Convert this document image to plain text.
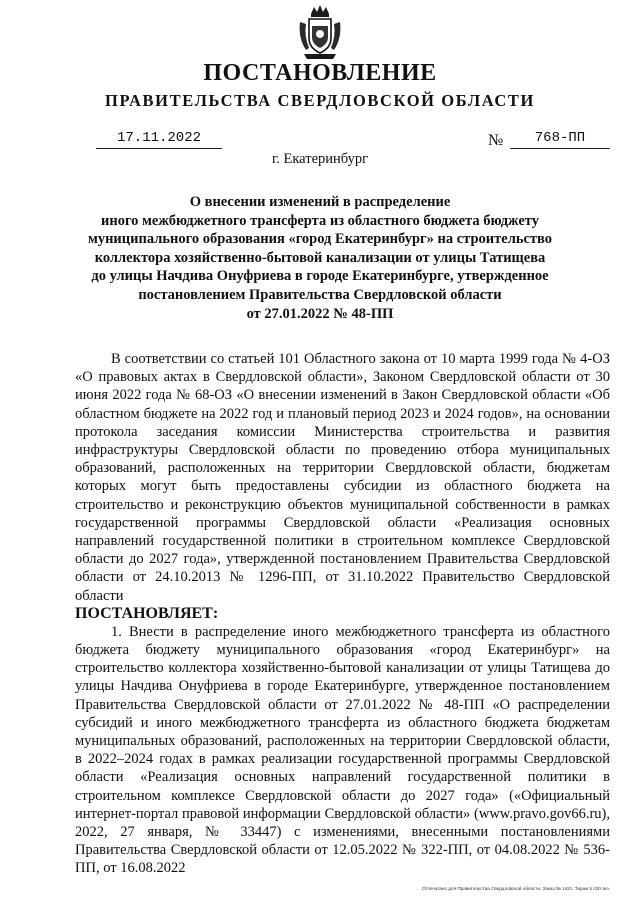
ПОСТАНОВЛЕНИЕ
ПРАВИТЕЛЬСТВА СВЕРДЛОВСКОЙ ОБЛАСТИ
17.11.2022	№	768-ПП
г. Екатеринбург
О внесении изменений в распределение
иного межбюджетного трансферта из областного бюджета бюджету
муниципального образования «город Екатеринбург» на строительство
коллектора хозяйственно-бытовой канализации от улицы Татищева
до улицы Начдива Онуфриева в городе Екатеринбурге, утвержденное
постановлением Правительства Свердловской области
от 27.01.2022 № 48-ПП

В соответствии со статьей 101 Областного закона от 10 марта 1999 года № 4-ОЗ «О правовых актах в Свердловской области», Законом Свердловской области от 30 июня 2022 года № 68-ОЗ «О внесении изменений в Закон Свердловской области «Об областном бюджете на 2022 год и плановый период 2023 и 2024 годов», на основании протокола заседания комиссии Министерства строительства и развития инфраструктуры Свердловской области по проведению отбора муниципальных образований, расположенных на территории Свердловской области, бюджетам которых могут быть предоставлены субсидии из областного бюджета на строительство и реконструкцию объектов муниципальной собственности в рамках государственной программы Свердловской области «Реализация основных направлений государственной политики в строительном комплексе Свердловской области до 2027 года», утвержденной постановлением Правительства Свердловской области от 24.10.2013 № 1296-ПП, от 31.10.2022 Правительство Свердловской области

ПОСТАНОВЛЯЕТ:

1. Внести в распределение иного межбюджетного трансферта из областного бюджета бюджету муниципального образования «город Екатеринбург» на строительство коллектора хозяйственно-бытовой канализации от улицы Татищева до улицы Начдива Онуфриева в городе Екатеринбурге, утвержденное постановлением Правительства Свердловской области от 27.01.2022 № 48-ПП «О распределении субсидий и иного межбюджетного трансферта из областного бюджета бюджетам муниципальных образований, расположенных на территории Свердловской области, в 2022–2024 годах в рамках реализации государственной программы Свердловской области «Реализация основных направлений государственной политики в строительном комплексе Свердловской области до 2027 года» («Официальный интернет-портал правовой информации Свердловской области» (www.pravo.gov66.ru), 2022, 27 января, № 33447) с изменениями, внесенными постановлениями Правительства Свердловской области от 12.05.2022 № 322-ПП, от 04.08.2022 № 536-ПП, от 16.08.2022

Отпечатано для Правительства Свердловской области. Заказ № 1421. Тираж 5 030 экз.
